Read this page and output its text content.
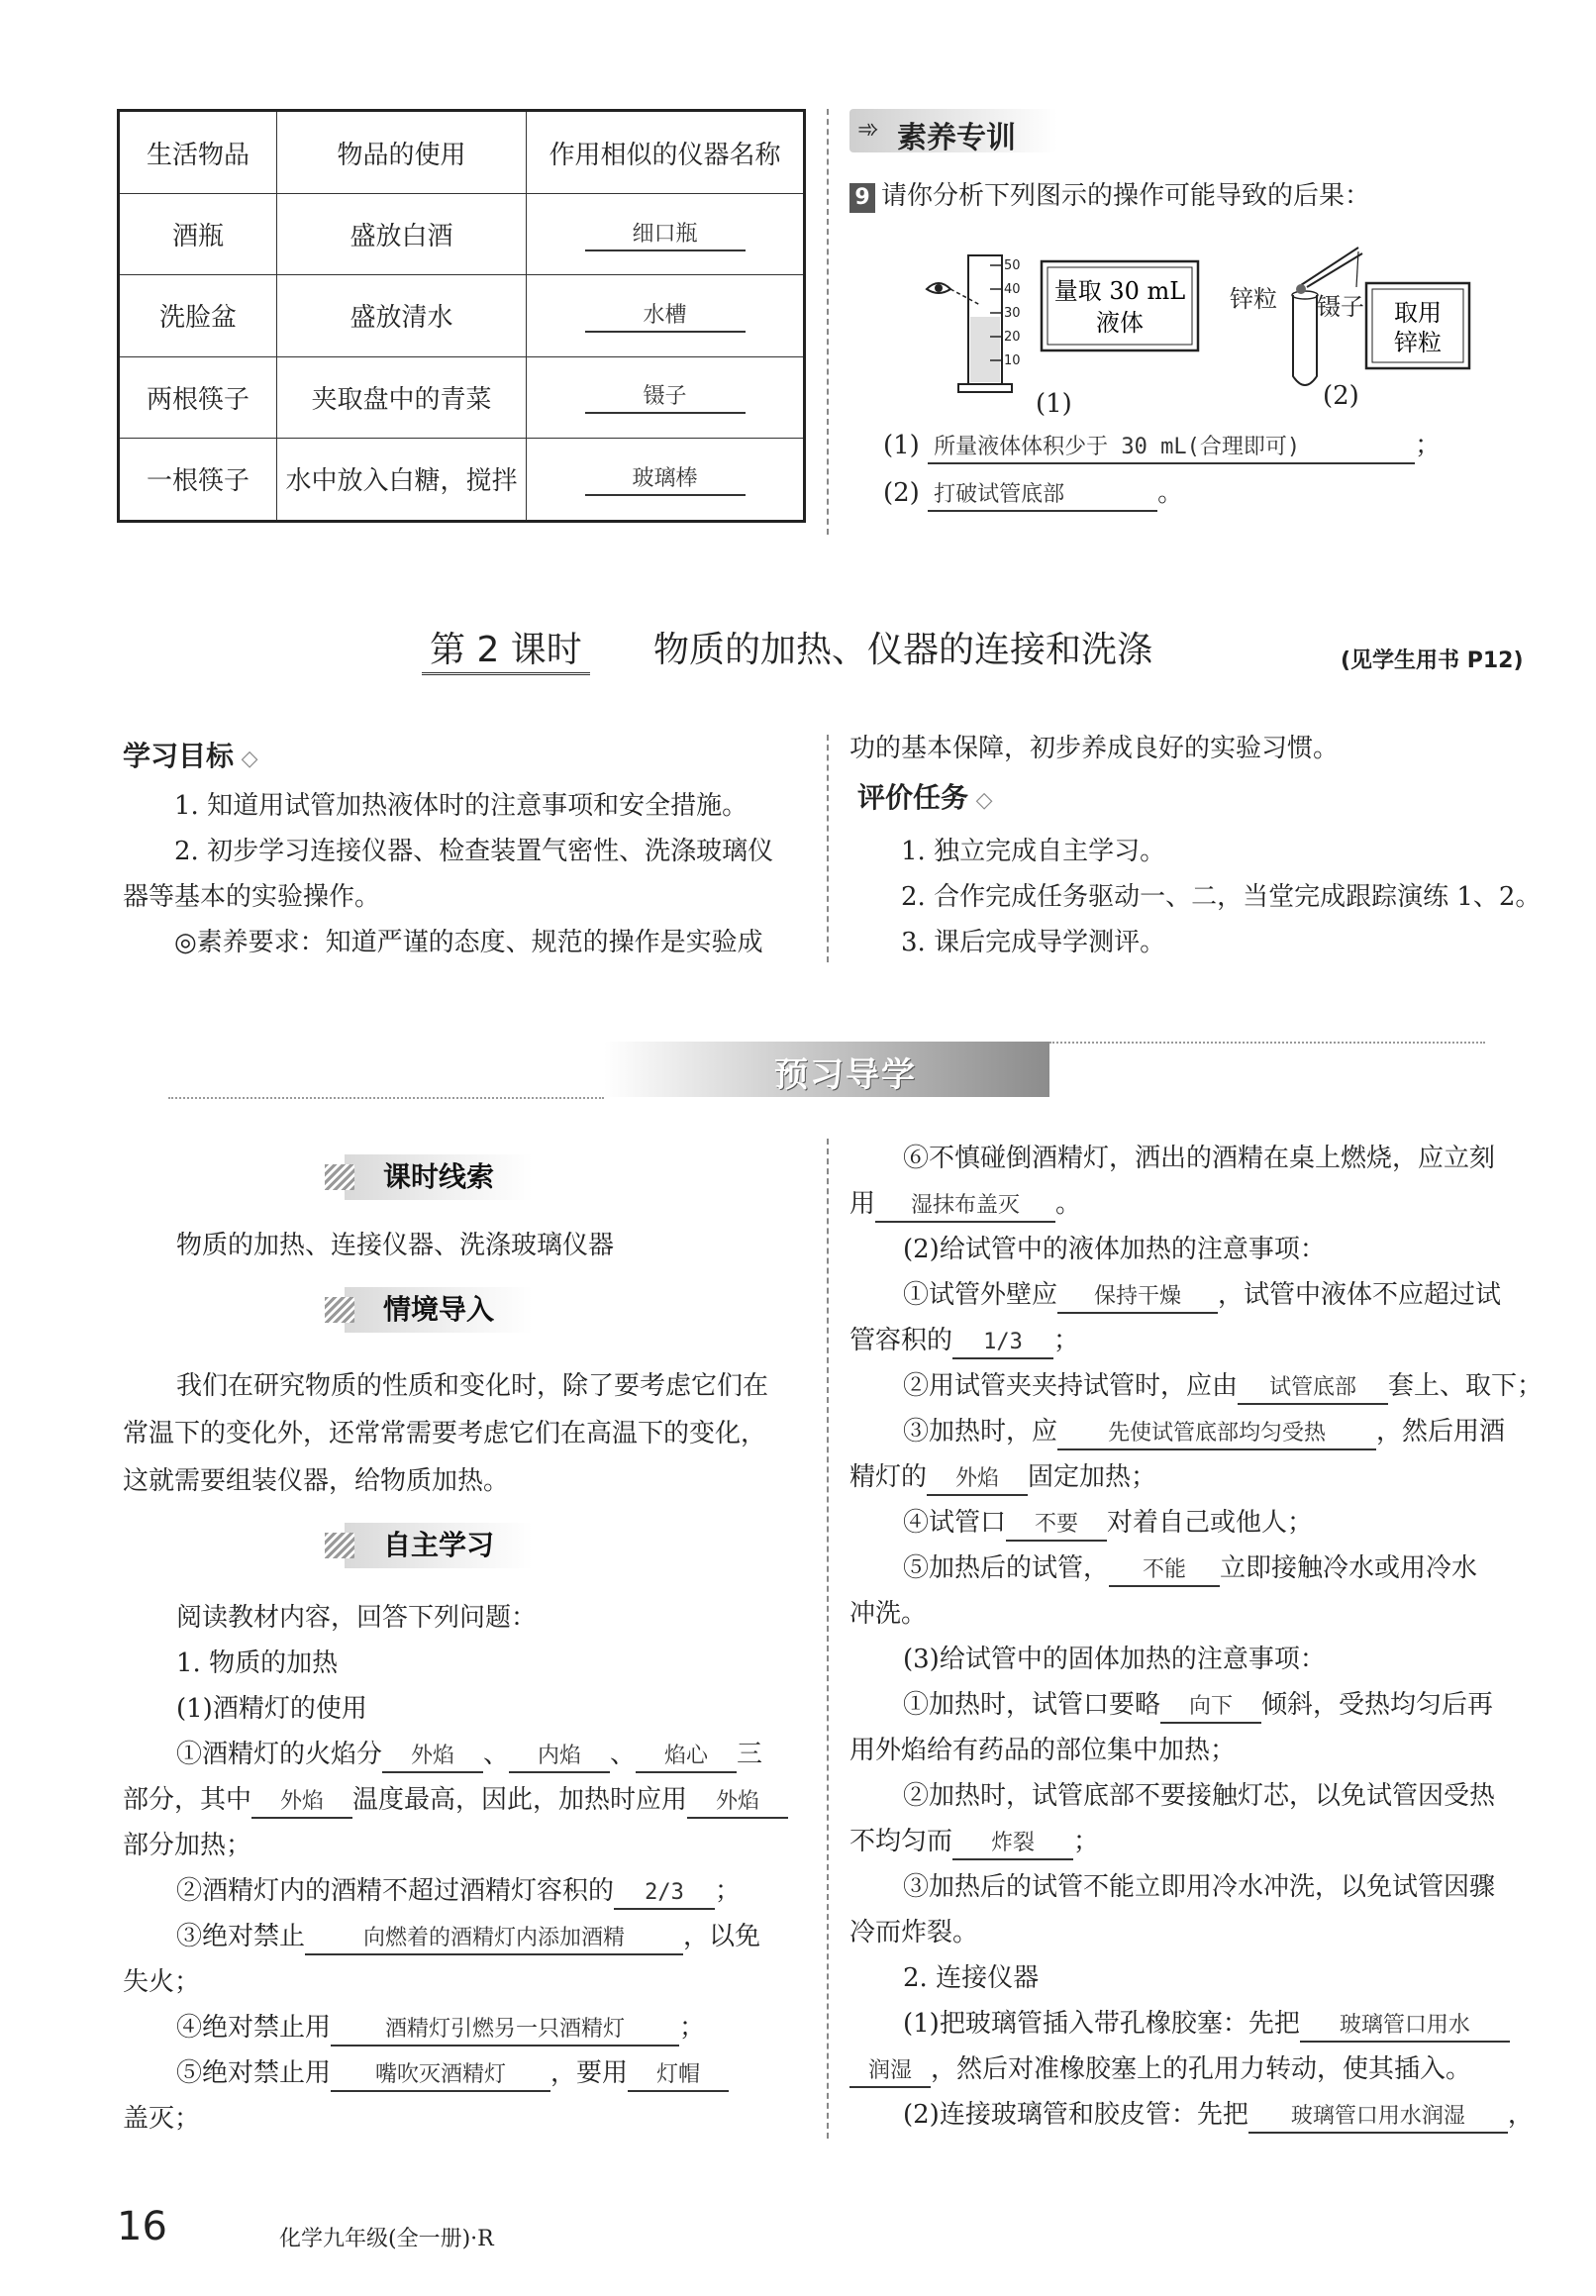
生活物品	物品的使用	作用相似的仪器名称
酒瓶	盛放白酒	细口瓶
洗脸盆	盛放清水	水槽
两根筷子	夹取盘中的青菜	镊子
一根筷子	水中放入白糖，搅拌	玻璃棒
➾ 素养专训
9 请你分析下列图示的操作可能导致的后果：
50
40
30
20
10
量取 30 mL
液体
(1)
取用
锌粒
锌粒 镊子
(2)
(1) 所量液体体积少于 30 mL(合理即可)	；
(2) 打破试管底部	。
第 2 课时 物质的加热、仪器的连接和洗涤	(见学生用书 P12)
学习目标 ◇
1. 知道用试管加热液体时的注意事项和安全措施。
2. 初步学习连接仪器、检查装置气密性、洗涤玻璃仪
器等基本的实验操作。
◎素养要求：知道严谨的态度、规范的操作是实验成
功的基本保障，初步养成良好的实验习惯。
评价任务 ◇
1. 独立完成自主学习。
2. 合作完成任务驱动一、二，当堂完成跟踪演练 1、2。
3. 课后完成导学测评。
预习导学
课时线索
物质的加热、连接仪器、洗涤玻璃仪器
情境导入
我们在研究物质的性质和变化时，除了要考虑它们在
常温下的变化外，还常常需要考虑它们在高温下的变化，
这就需要组装仪器，给物质加热。
自主学习
阅读教材内容，回答下列问题：
1. 物质的加热
(1)酒精灯的使用
①酒精灯的火焰分 外焰 、 内焰 、 焰心 三
部分，其中 外焰 温度最高，因此，加热时应用 外焰
部分加热；
②酒精灯内的酒精不超过酒精灯容积的 2/3 ；
③绝对禁止	向燃着的酒精灯内添加酒精 ，以免
失火；
④绝对禁止用 酒精灯引燃另一只酒精灯 ；
⑤绝对禁止用 嘴吹灭酒精灯 ，要用 灯帽
盖灭；
⑥不慎碰倒酒精灯，洒出的酒精在桌上燃烧，应立刻
用 湿抹布盖灭 。
(2)给试管中的液体加热的注意事项：
①试管外壁应 保持干燥 ，试管中液体不应超过试
管容积的 1/3 ；
②用试管夹夹持试管时，应由 试管底部 套上、取下；
③加热时，应 先使试管底部均匀受热 ，然后用酒
精灯的 外焰 固定加热；
④试管口 不要 对着自己或他人；
⑤加热后的试管， 不能 立即接触冷水或用冷水
冲洗。
(3)给试管中的固体加热的注意事项：
①加热时，试管口要略 向下 倾斜，受热均匀后再
用外焰给有药品的部位集中加热；
②加热时，试管底部不要接触灯芯，以免试管因受热
不均匀而 炸裂 ；
③加热后的试管不能立即用冷水冲洗，以免试管因骤
冷而炸裂。
2. 连接仪器
(1)把玻璃管插入带孔橡胶塞：先把 玻璃管口用水
润湿 ，然后对准橡胶塞上的孔用力转动，使其插入。
(2)连接玻璃管和胶皮管：先把 玻璃管口用水润湿 ，
16	化学九年级(全一册)·R
